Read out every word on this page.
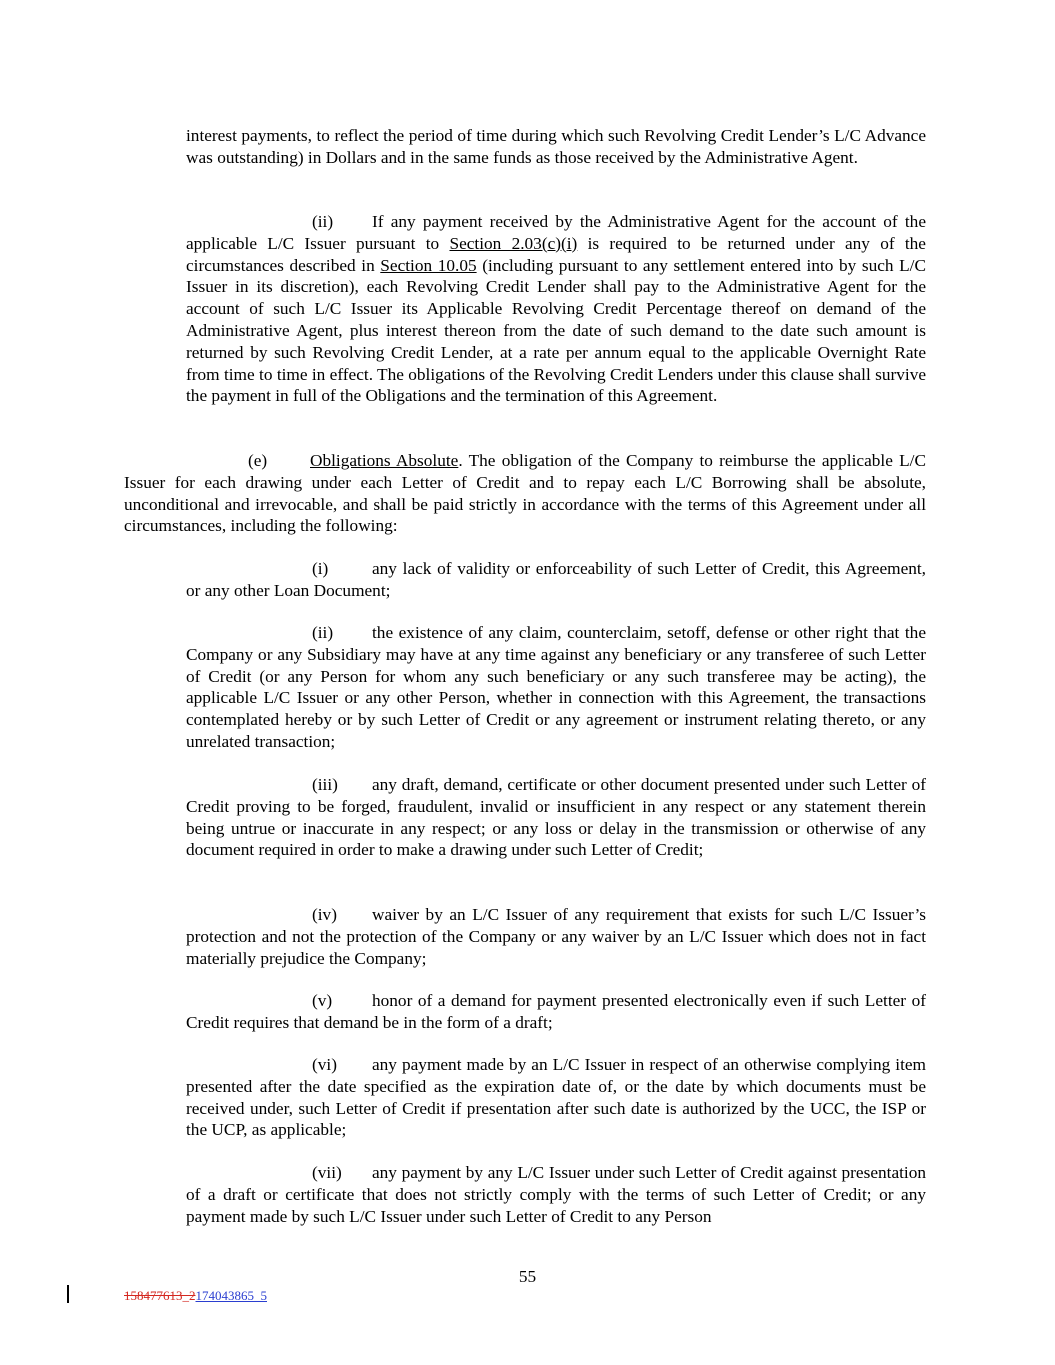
interest payments, to reflect the period of time during which such Revolving Credit Lender’s L/C Advance was outstanding) in Dollars and in the same funds as those received by the Administrative Agent.

(ii) If any payment received by the Administrative Agent for the account of the applicable L/C Issuer pursuant to Section 2.03(c)(i) is required to be returned under any of the circumstances described in Section 10.05 (including pursuant to any settlement entered into by such L/C Issuer in its discretion), each Revolving Credit Lender shall pay to the Administrative Agent for the account of such L/C Issuer its Applicable Revolving Credit Percentage thereof on demand of the Administrative Agent, plus interest thereon from the date of such demand to the date such amount is returned by such Revolving Credit Lender, at a rate per annum equal to the applicable Overnight Rate from time to time in effect. The obligations of the Revolving Credit Lenders under this clause shall survive the payment in full of the Obligations and the termination of this Agreement.

(e) Obligations Absolute. The obligation of the Company to reimburse the applicable L/C Issuer for each drawing under each Letter of Credit and to repay each L/C Borrowing shall be absolute, unconditional and irrevocable, and shall be paid strictly in accordance with the terms of this Agreement under all circumstances, including the following:

(i)	any lack of validity or enforceability of such Letter of Credit, this Agreement, or any other Loan Document;

(ii) the existence of any claim, counterclaim, setoff, defense or other right that the Company or any Subsidiary may have at any time against any beneficiary or any transferee of such Letter of Credit (or any Person for whom any such beneficiary or any such transferee may be acting), the applicable L/C Issuer or any other Person, whether in connection with this Agreement, the transactions contemplated hereby or by such Letter of Credit or any agreement or instrument relating thereto, or any unrelated transaction;

(iii) any draft, demand, certificate or other document presented under such Letter of Credit proving to be forged, fraudulent, invalid or insufficient in any respect or any statement therein being untrue or inaccurate in any respect; or any loss or delay in the transmission or otherwise of any document required in order to make a drawing under such Letter of Credit;

(iv) waiver by an L/C Issuer of any requirement that exists for such L/C Issuer’s protection and not the protection of the Company or any waiver by an L/C Issuer which does not in fact materially prejudice the Company;

(v) honor of a demand for payment presented electronically even if such Letter of Credit requires that demand be in the form of a draft;

(vi) any payment made by an L/C Issuer in respect of an otherwise complying item presented after the date specified as the expiration date of, or the date by which documents must be received under, such Letter of Credit if presentation after such date is authorized by the UCC, the ISP or the UCP, as applicable;

(vii) any payment by any L/C Issuer under such Letter of Credit against presentation of a draft or certificate that does not strictly comply with the terms of such Letter of Credit; or any payment made by such L/C Issuer under such Letter of Credit to any Person

55
158477613_2174043865_5
